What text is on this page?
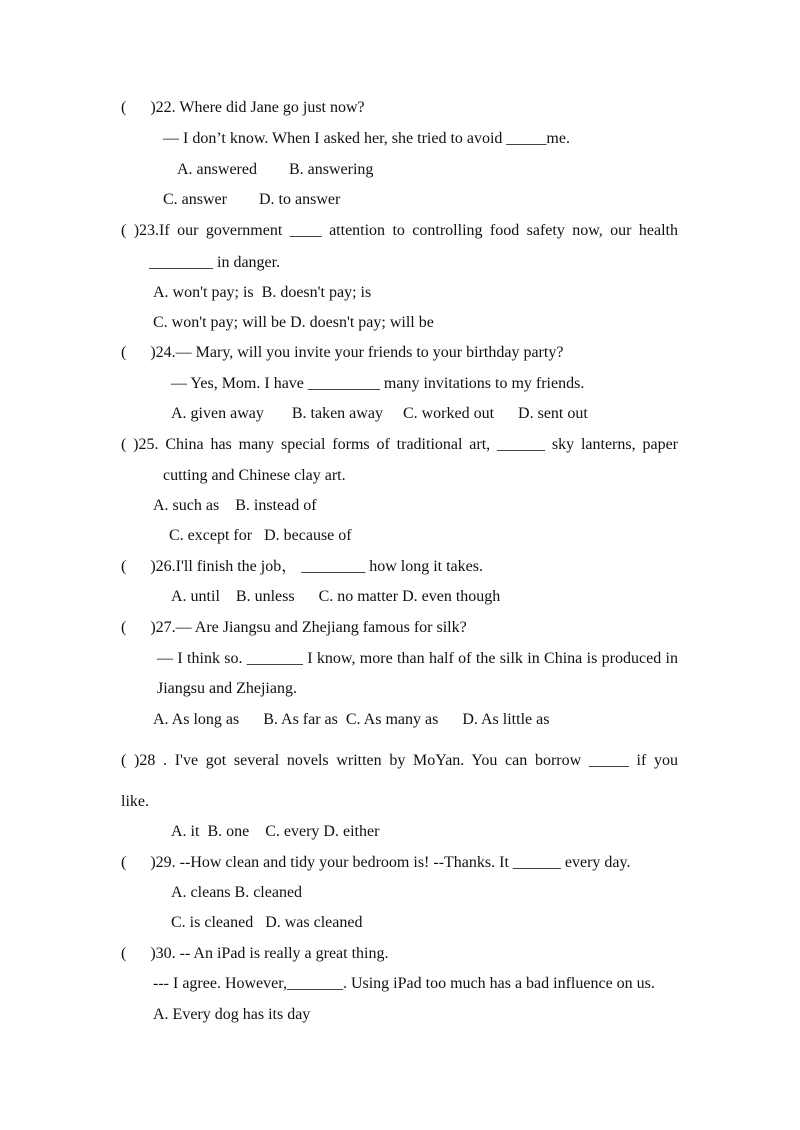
(      )22. Where did Jane go just now?
— I don’t know. When I asked her, she tried to avoid _____me.
A. answered        B. answering
C. answer        D. to answer
( )23.If our government ____ attention to controlling food safety now, our health
________ in danger.
A. won't pay; is  B. doesn't pay; is
C. won't pay; will be D. doesn't pay; will be
(      )24.— Mary, will you invite your friends to your birthday party?
— Yes, Mom. I have _________ many invitations to my friends.
A. given away       B. taken away     C. worked out      D. sent out
( )25. China has many special forms of traditional art, ______ sky lanterns, paper
cutting and Chinese clay art.
A. such as    B. instead of
C. except for   D. because of
(      )26.I'll finish the job， ________ how long it takes.
A. until    B. unless      C. no matter D. even though
(      )27.— Are Jiangsu and Zhejiang famous for silk?
— I think so. _______ I know, more than half of the silk in China is produced in
Jiangsu and Zhejiang.
A. As long as      B. As far as  C. As many as      D. As little as
( )28 . I've got several novels written by MoYan. You can borrow _____ if you
like.
A. it  B. one    C. every D. either
(      )29. --How clean and tidy your bedroom is! --Thanks. It ______ every day.
A. cleans B. cleaned
C. is cleaned   D. was cleaned
(      )30. -- An iPad is really a great thing.
--- I agree. However,_______. Using iPad too much has a bad influence on us.
A. Every dog has its day
